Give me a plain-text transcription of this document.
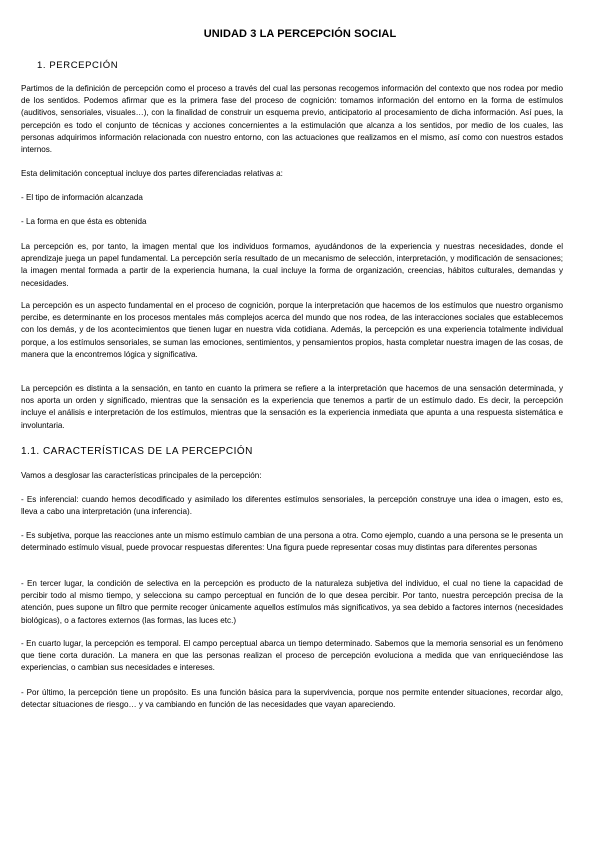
UNIDAD 3 LA PERCEPCIÓN SOCIAL
1. PERCEPCIÓN

Partimos de la definición de percepción como el proceso a través del cual las personas recogemos información del contexto que nos rodea por medio de los sentidos. Podemos afirmar que es la primera fase del proceso de cognición: tomamos información del entorno en la forma de estímulos (auditivos, sensoriales, visuales…), con la finalidad de construir un esquema previo, anticipatorio al procesamiento de dicha información. Así pues, la percepción es todo el conjunto de técnicas y acciones concernientes a la estimulación que alcanza a los sentidos, por medio de los cuales, las personas adquirimos información relacionada con nuestro entorno, con las actuaciones que realizamos en el mismo, así como con nuestros estados internos.

Esta delimitación conceptual incluye dos partes diferenciadas relativas a:

- El tipo de información alcanzada

- La forma en que ésta es obtenida

La percepción es, por tanto, la imagen mental que los individuos formamos, ayudándonos de la experiencia y nuestras necesidades, donde el aprendizaje juega un papel fundamental. La percepción sería resultado de un mecanismo de selección, interpretación, y modificación de sensaciones; la imagen mental formada a partir de la experiencia humana, la cual incluye la forma de organización, creencias, hábitos culturales, demandas y necesidades.

La percepción es un aspecto fundamental en el proceso de cognición, porque la interpretación que hacemos de los estímulos que nuestro organismo percibe, es determinante en los procesos mentales más complejos acerca del mundo que nos rodea, de las interacciones sociales que establecemos con los demás, y de los acontecimientos que tienen lugar en nuestra vida cotidiana. Además, la percepción es una experiencia totalmente individual porque, a los estímulos sensoriales, se suman las emociones, sentimientos, y pensamientos propios, hasta completar nuestra imagen de las cosas, de manera que la encontremos lógica y significativa.

La percepción es distinta a la sensación, en tanto en cuanto la primera se refiere a la interpretación que hacemos de una sensación determinada, y nos aporta un orden y significado, mientras que la sensación es la experiencia que tenemos a partir de un estímulo dado. Es decir, la percepción incluye el análisis e interpretación de los estímulos, mientras que la sensación es la experiencia inmediata que apunta a una respuesta sistemática e involuntaria.

1.1. CARACTERÍSTICAS DE LA PERCEPCIÓN

Vamos a desglosar las características principales de la percepción:

- Es inferencial: cuando hemos decodificado y asimilado los diferentes estímulos sensoriales, la percepción construye una idea o imagen, esto es, lleva a cabo una interpretación (una inferencia).

- Es subjetiva, porque las reacciones ante un mismo estímulo cambian de una persona a otra. Como ejemplo, cuando a una persona se le presenta un determinado estímulo visual, puede provocar respuestas diferentes: Una figura puede representar cosas muy distintas para diferentes personas

- En tercer lugar, la condición de selectiva en la percepción es producto de la naturaleza subjetiva del individuo, el cual no tiene la capacidad de percibir todo al mismo tiempo, y selecciona su campo perceptual en función de lo que desea percibir. Por tanto, nuestra percepción precisa de la atención, pues supone un filtro que permite recoger únicamente aquellos estímulos más significativos, ya sea debido a factores internos (necesidades biológicas), o a factores externos (las formas, las luces etc.)

- En cuarto lugar, la percepción es temporal. El campo perceptual abarca un tiempo determinado. Sabemos que la memoria sensorial es un fenómeno que tiene corta duración. La manera en que las personas realizan el proceso de percepción evoluciona a medida que van enriqueciéndose las experiencias, o cambian sus necesidades e intereses.

- Por último, la percepción tiene un propósito. Es una función básica para la supervivencia, porque nos permite entender situaciones, recordar algo, detectar situaciones de riesgo… y va cambiando en función de las necesidades que vayan apareciendo.
